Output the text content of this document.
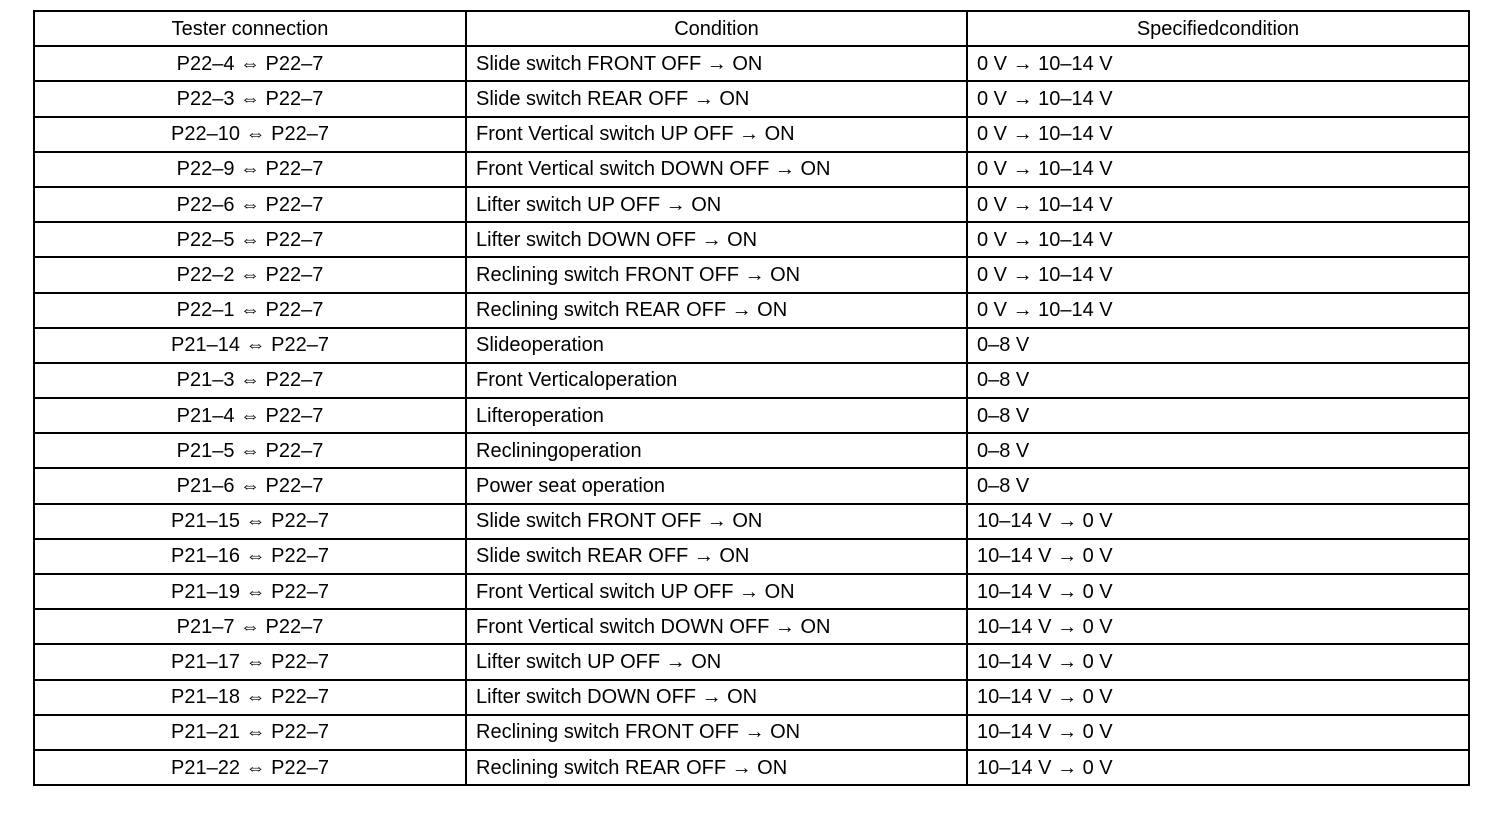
Tester connection	Condition	Specifiedcondition
P22–4 ⇔ P22–7	Slide switch FRONT OFF → ON	0 V → 10–14 V
P22–3 ⇔ P22–7	Slide switch REAR OFF → ON	0 V → 10–14 V
P22–10 ⇔ P22–7	Front Vertical switch UP OFF → ON	0 V → 10–14 V
P22–9 ⇔ P22–7	Front Vertical switch DOWN OFF → ON	0 V → 10–14 V
P22–6 ⇔ P22–7	Lifter switch UP OFF → ON	0 V → 10–14 V
P22–5 ⇔ P22–7	Lifter switch DOWN OFF → ON	0 V → 10–14 V
P22–2 ⇔ P22–7	Reclining switch FRONT OFF → ON	0 V → 10–14 V
P22–1 ⇔ P22–7	Reclining switch REAR OFF → ON	0 V → 10–14 V
P21–14 ⇔ P22–7	Slideoperation	0–8 V
P21–3 ⇔ P22–7	Front Verticaloperation	0–8 V
P21–4 ⇔ P22–7	Lifteroperation	0–8 V
P21–5 ⇔ P22–7	Recliningoperation	0–8 V
P21–6 ⇔ P22–7	Power seat operation	0–8 V
P21–15 ⇔ P22–7	Slide switch FRONT OFF → ON	10–14 V → 0 V
P21–16 ⇔ P22–7	Slide switch REAR OFF → ON	10–14 V → 0 V
P21–19 ⇔ P22–7	Front Vertical switch UP OFF → ON	10–14 V → 0 V
P21–7 ⇔ P22–7	Front Vertical switch DOWN OFF → ON	10–14 V → 0 V
P21–17 ⇔ P22–7	Lifter switch UP OFF → ON	10–14 V → 0 V
P21–18 ⇔ P22–7	Lifter switch DOWN OFF → ON	10–14 V → 0 V
P21–21 ⇔ P22–7	Reclining switch FRONT OFF → ON	10–14 V → 0 V
P21–22 ⇔ P22–7	Reclining switch REAR OFF → ON	10–14 V → 0 V
